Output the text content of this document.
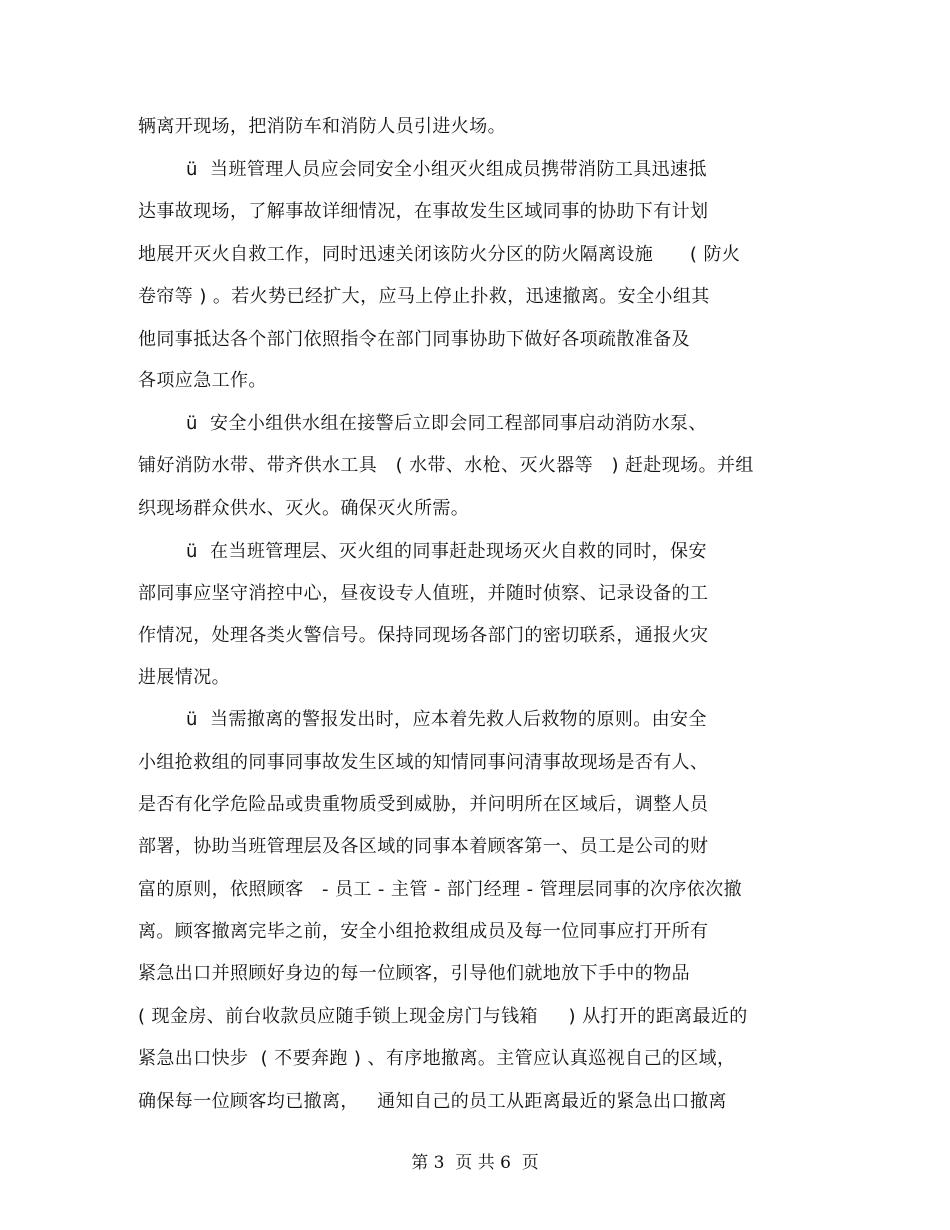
辆离开现场，把消防车和消防人员引进火场。
ü  当班管理人员应会同安全小组灭火组成员携带消防工具迅速抵
达事故现场，了解事故详细情况，在事故发生区域同事的协助下有计划
地展开灭火自救工作，同时迅速关闭该防火分区的防火隔离设施      ( 防火
卷帘等 ) 。若火势已经扩大，应马上停止扑救，迅速撤离。安全小组其
他同事抵达各个部门依照指令在部门同事协助下做好各项疏散准备及
各项应急工作。
ü  安全小组供水组在接警后立即会同工程部同事启动消防水泵、
铺好消防水带、带齐供水工具   ( 水带、水枪、灭火器等   ) 赶赴现场。并组
织现场群众供水、灭火。确保灭火所需。
ü  在当班管理层、灭火组的同事赶赴现场灭火自救的同时，保安
部同事应坚守消控中心，昼夜设专人值班，并随时侦察、记录设备的工
作情况，处理各类火警信号。保持同现场各部门的密切联系，通报火灾
进展情况。
ü  当需撤离的警报发出时，应本着先救人后救物的原则。由安全
小组抢救组的同事同事故发生区域的知情同事问清事故现场是否有人、
是否有化学危险品或贵重物质受到威胁，并问明所在区域后，调整人员
部署，协助当班管理层及各区域的同事本着顾客第一、员工是公司的财
富的原则，依照顾客   - 员工 - 主管 - 部门经理 - 管理层同事的次序依次撤
离。顾客撤离完毕之前，安全小组抢救组成员及每一位同事应打开所有
紧急出口并照顾好身边的每一位顾客，引导他们就地放下手中的物品
( 现金房、前台收款员应随手锁上现金房门与钱箱     ) 从打开的距离最近的
紧急出口快步  ( 不要奔跑 ) 、有序地撤离。主管应认真巡视自己的区域，
确保每一位顾客均已撤离，   通知自己的员工从距离最近的紧急出口撤离
第 3  页 共 6  页
